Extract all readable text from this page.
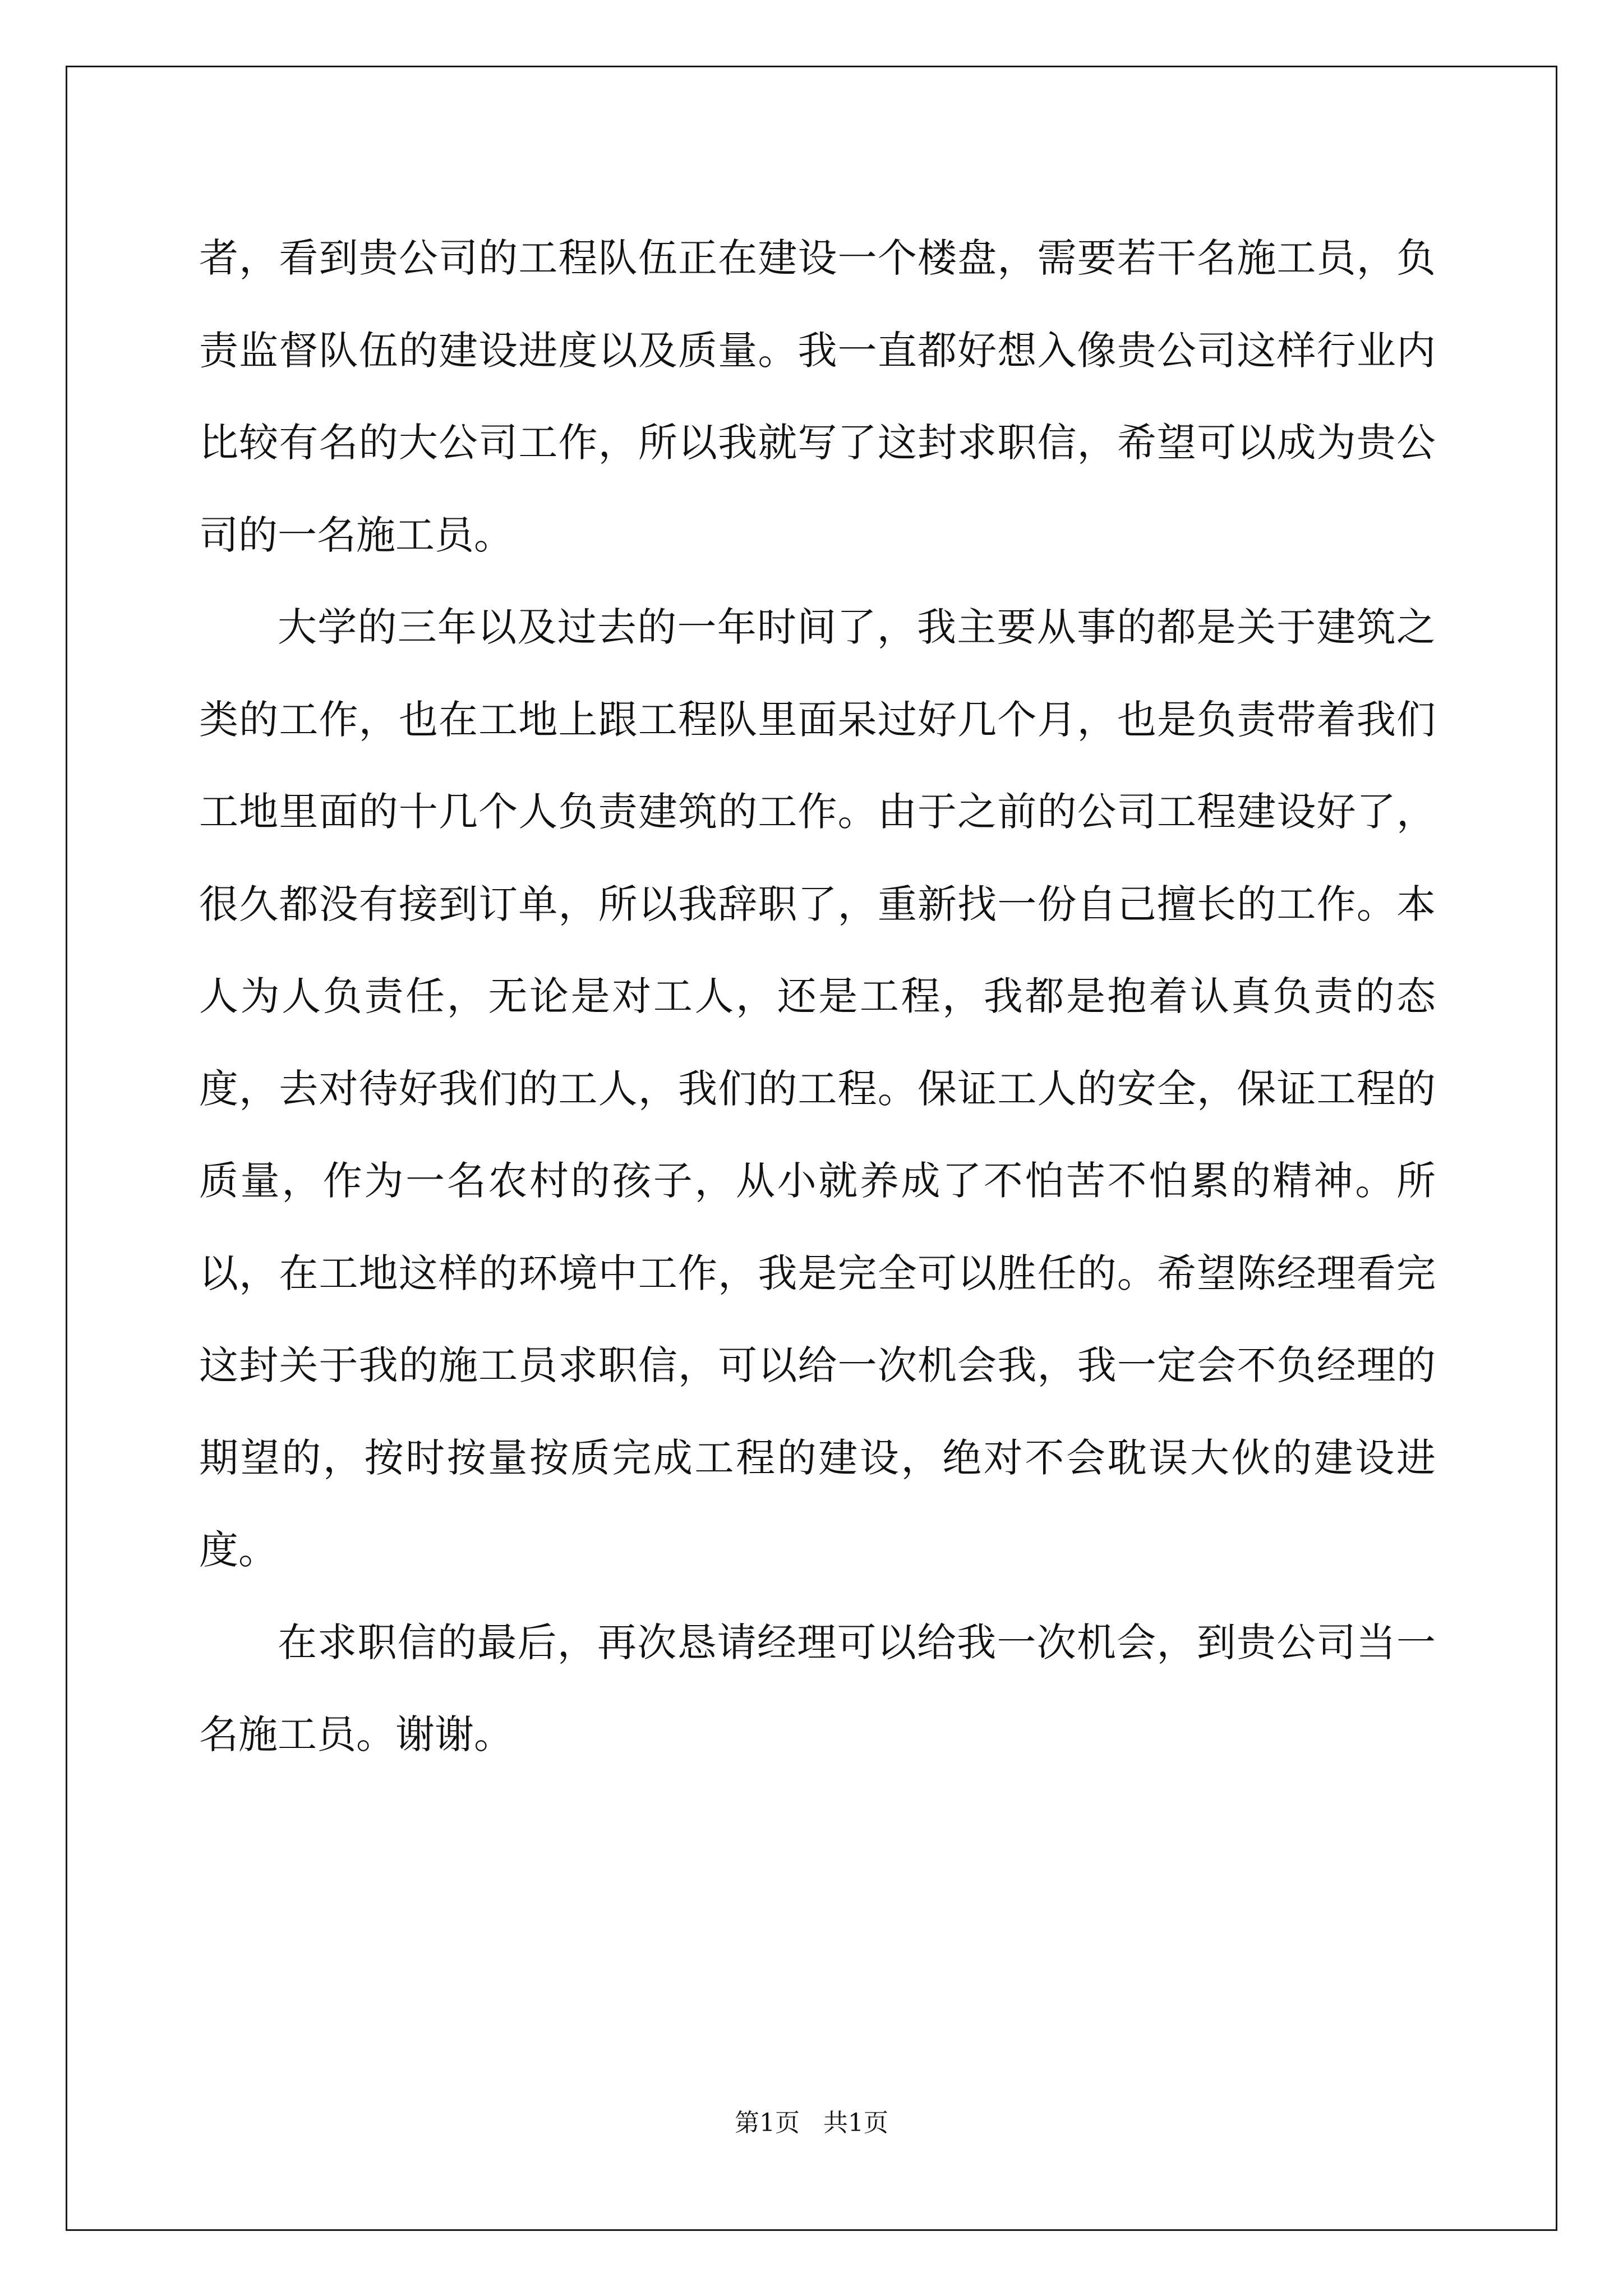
者，看到贵公司的工程队伍正在建设一个楼盘，需要若干名施工员，负责监督队伍的建设进度以及质量。我一直都好想入像贵公司这样行业内比较有名的大公司工作，所以我就写了这封求职信，希望可以成为贵公司的一名施工员。

大学的三年以及过去的一年时间了，我主要从事的都是关于建筑之类的工作，也在工地上跟工程队里面呆过好几个月，也是负责带着我们工地里面的十几个人负责建筑的工作。由于之前的公司工程建设好了，很久都没有接到订单，所以我辞职了，重新找一份自己擅长的工作。本人为人负责任，无论是对工人，还是工程，我都是抱着认真负责的态度，去对待好我们的工人，我们的工程。保证工人的安全，保证工程的质量，作为一名农村的孩子，从小就养成了不怕苦不怕累的精神。所以，在工地这样的环境中工作，我是完全可以胜任的。希望陈经理看完这封关于我的施工员求职信，可以给一次机会我，我一定会不负经理的期望的，按时按量按质完成工程的建设，绝对不会耽误大伙的建设进度。

在求职信的最后，再次恳请经理可以给我一次机会，到贵公司当一名施工员。谢谢。

第1页   共1页
